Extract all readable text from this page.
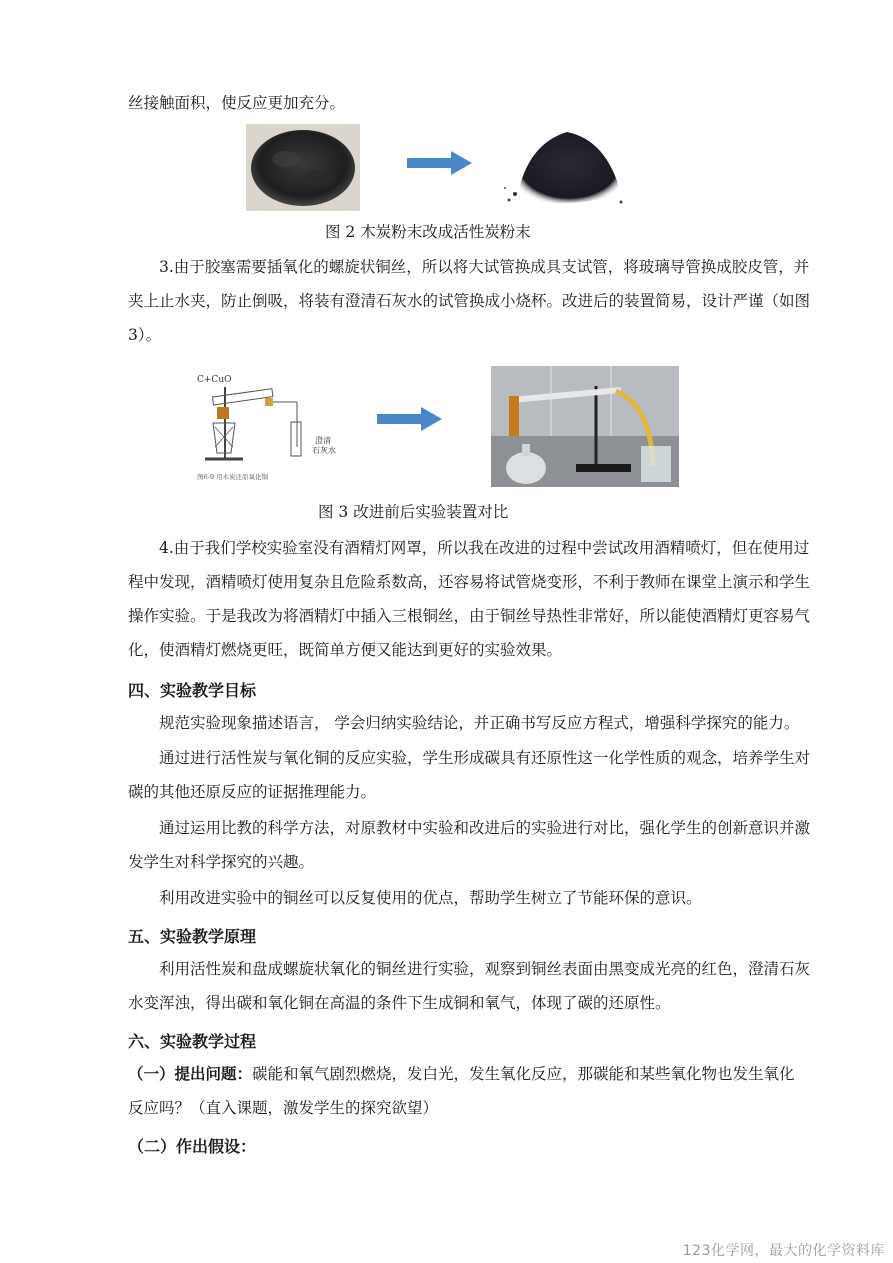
丝接触面积，使反应更加充分。

图 2 木炭粉末改成活性炭粉末

3.由于胶塞需要插氧化的螺旋状铜丝，所以将大试管换成具支试管，将玻璃导管换成胶皮管，并夹上止水夹，防止倒吸，将装有澄清石灰水的试管换成小烧杯。改进后的装置简易，设计严谨（如图 3）。

C+CuO
澄清
石灰水
图6-9 用木炭还原氧化铜

图 3 改进前后实验装置对比

4.由于我们学校实验室没有酒精灯网罩，所以我在改进的过程中尝试改用酒精喷灯，但在使用过程中发现，酒精喷灯使用复杂且危险系数高，还容易将试管烧变形，不利于教师在课堂上演示和学生操作实验。于是我改为将酒精灯中插入三根铜丝，由于铜丝导热性非常好，所以能使酒精灯更容易气化，使酒精灯燃烧更旺，既简单方便又能达到更好的实验效果。

四、实验教学目标

规范实验现象描述语言， 学会归纳实验结论，并正确书写反应方程式，增强科学探究的能力。

通过进行活性炭与氧化铜的反应实验，学生形成碳具有还原性这一化学性质的观念，培养学生对碳的其他还原反应的证据推理能力。

通过运用比教的科学方法，对原教材中实验和改进后的实验进行对比，强化学生的创新意识并激发学生对科学探究的兴趣。

利用改进实验中的铜丝可以反复使用的优点，帮助学生树立了节能环保的意识。

五、实验教学原理

利用活性炭和盘成螺旋状氧化的铜丝进行实验，观察到铜丝表面由黑变成光亮的红色，澄清石灰水变浑浊，得出碳和氧化铜在高温的条件下生成铜和氧气，体现了碳的还原性。

六、实验教学过程

（一）提出问题：碳能和氧气剧烈燃烧，发白光，发生氧化反应，那碳能和某些氧化物也发生氧化反应吗？（直入课题，激发学生的探究欲望）

（二）作出假设：

123化学网，最大的化学资料库
